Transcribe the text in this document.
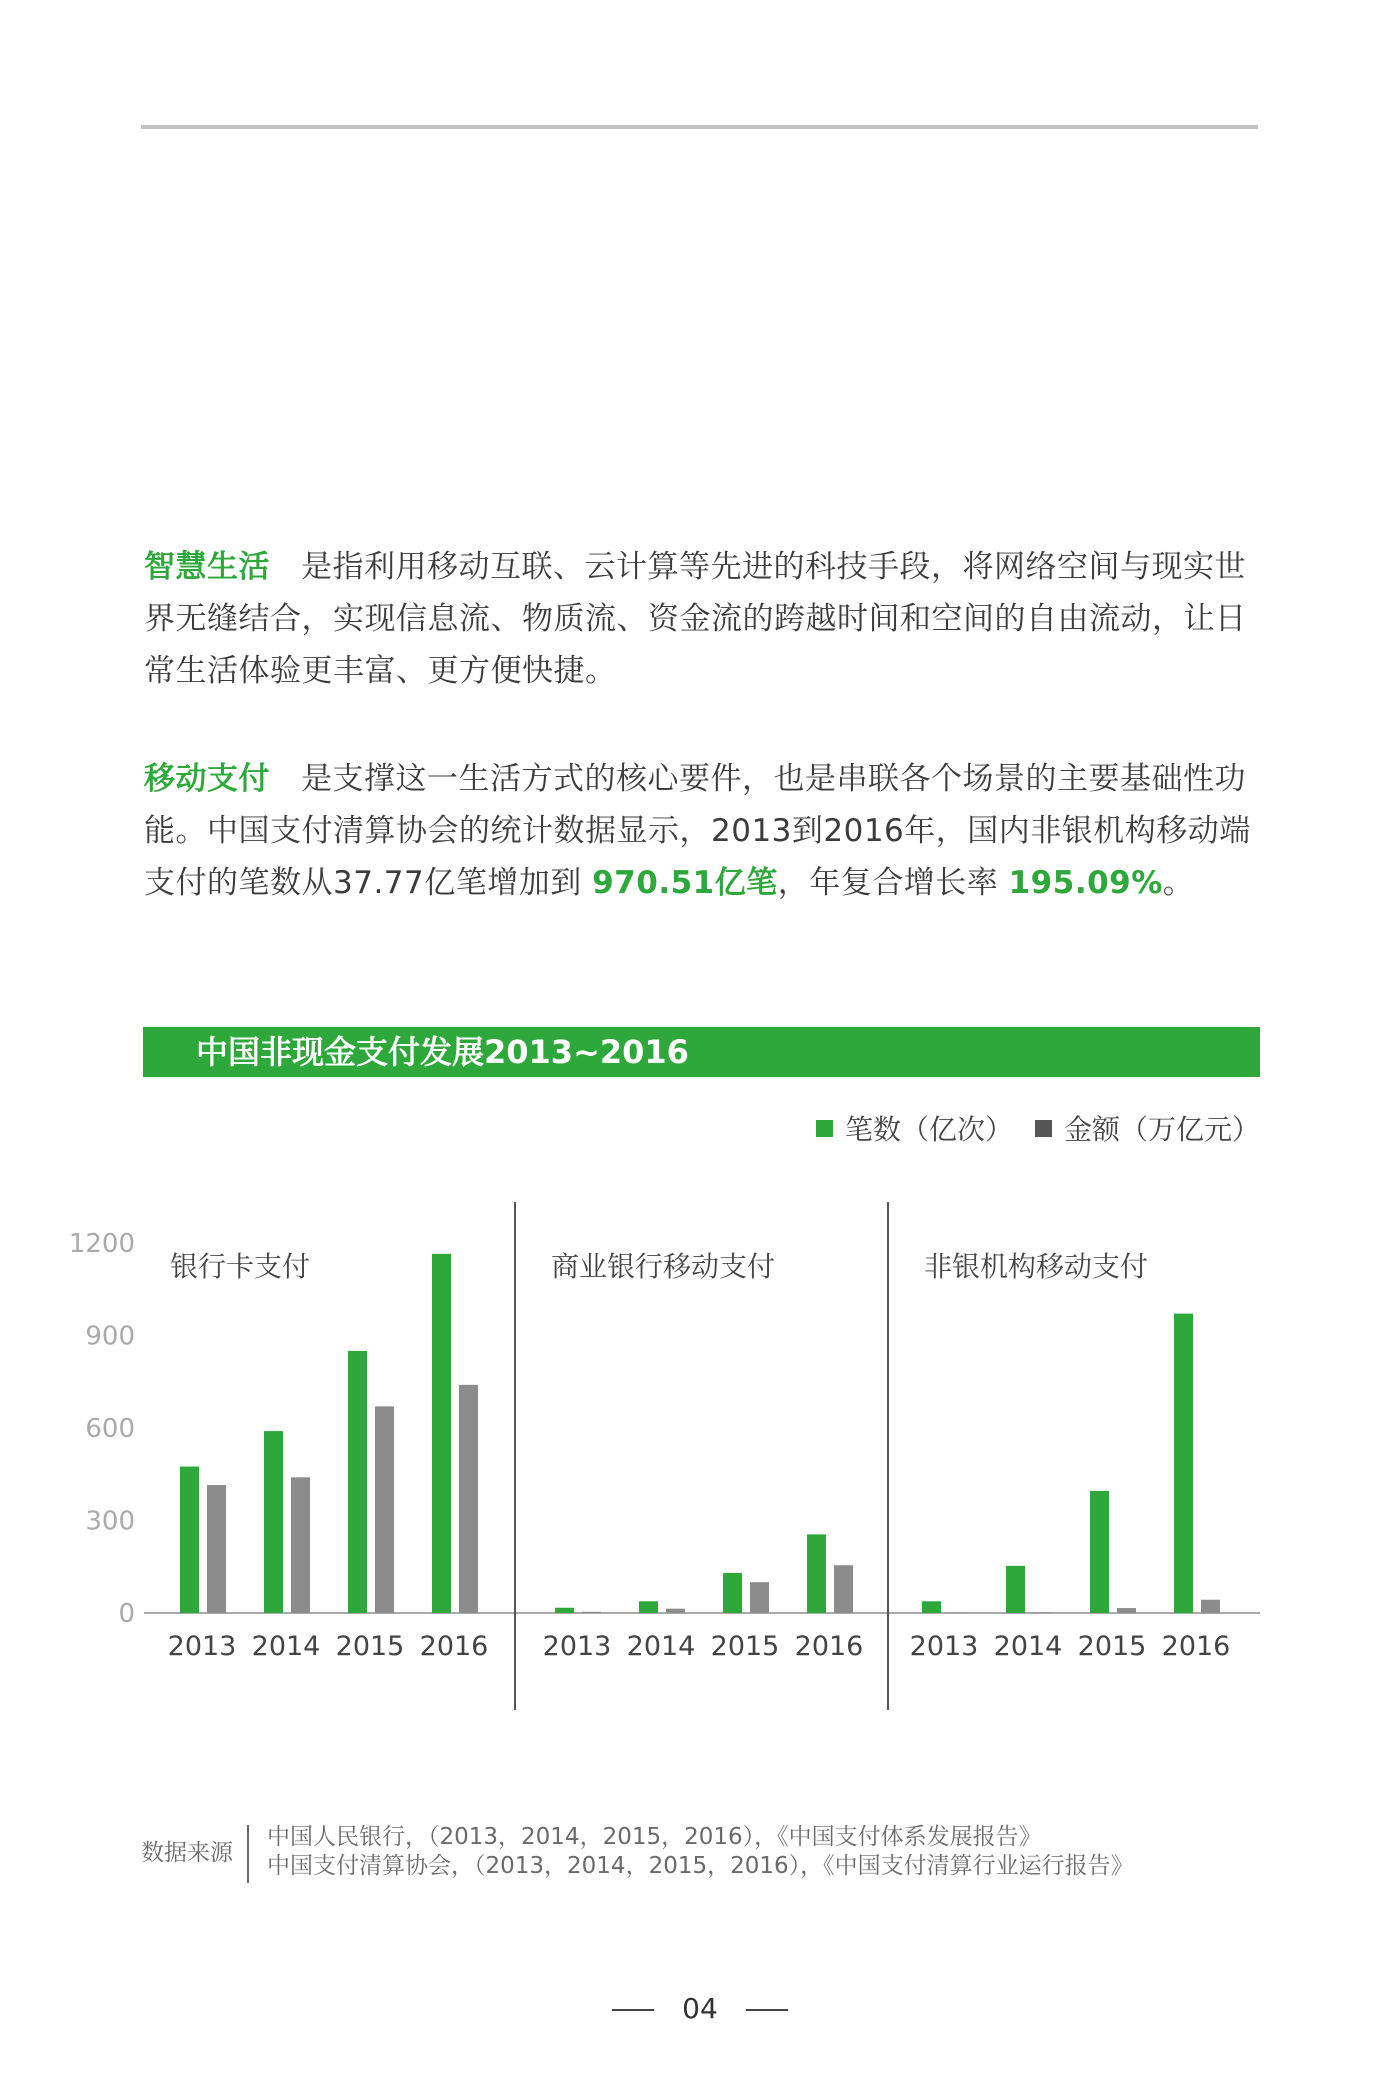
智慧生活 是指利用移动互联、云计算等先进的科技手段，将网络空间与现实世界无缝结合，实现信息流、物质流、资金流的跨越时间和空间的自由流动，让日常生活体验更丰富、更方便快捷。
移动支付 是支撑这一生活方式的核心要件，也是串联各个场景的主要基础性功能。中国支付清算协会的统计数据显示，2013到2016年，国内非银机构移动端支付的笔数从37.77亿笔增加到 970.51亿笔，年复合增长率 195.09%。
中国非现金支付发展2013~2016
笔数（亿次） 金额（万亿元）
0
300
600
900
1200
银行卡支付
2013 2014 2015 2016
商业银行移动支付
2013 2014 2015 2016
非银机构移动支付
2013 2014 2015 2016
数据来源
中国人民银行，（2013，2014，2015，2016），《中国支付体系发展报告》
中国支付清算协会，（2013，2014，2015，2016），《中国支付清算行业运行报告》
04
